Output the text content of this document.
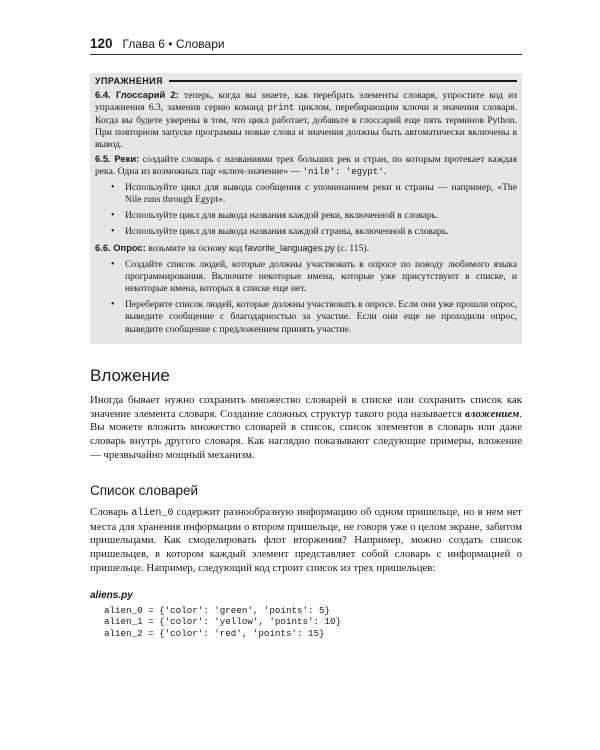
120 Глава 6 • Словари
УПРАЖНЕНИЯ

6.4. Глоссарий 2: теперь, когда вы знаете, как перебрать элементы словаря, упростите код из упражнения 6.3, заменив серию команд print циклом, перебирающим ключи и значения словаря. Когда вы будете уверены в том, что цикл работает, добавьте в глоссарий еще пять терминов Python. При повторном запуске программы новые слова и значения должны быть автоматически включены в вывод.

6.5. Реки: создайте словарь с названиями трех больших рек и стран, по которым протекает каждая река. Одна из возможных пар «ключ-значение» — 'nile': 'egypt'.

• Используйте цикл для вывода сообщения с упоминанием реки и страны — например, «The Nile runs through Egypt».
• Используйте цикл для вывода названия каждой реки, включенной в словарь.
• Используйте цикл для вывода названия каждой страны, включенной в словарь.

6.6. Опрос: возьмите за основу код favorite_languages.py (с. 115).

• Создайте список людей, которые должны участвовать в опросе по поводу любимого языка программирования. Включите некоторые имена, которые уже присутствуют в списке, и некоторые имена, которых в списке еще нет.
• Переберите список людей, которые должны участвовать в опросе. Если они уже прошли опрос, выведите сообщение с благодарностью за участие. Если они еще не проходили опрос, выведите сообщение с предложением принять участие.
Вложение

Иногда бывает нужно сохранить множество словарей в списке или сохранить список как значение элемента словаря. Создание сложных структур такого рода называется вложением. Вы можете вложить множество словарей в список, список элементов в словарь или даже словарь внутрь другого словаря. Как наглядно показывают следующие примеры, вложение — чрезвычайно мощный механизм.

Список словарей

Словарь alien_0 содержит разнообразную информацию об одном пришельце, но в нем нет места для хранения информации о втором пришельце, не говоря уже о целом экране, забитом пришельцами. Как смоделировать флот вторжения? Например, можно создать список пришельцев, в котором каждый элемент представляет собой словарь с информацией о пришельце. Например, следующий код строит список из трех пришельцев:

aliens.py
alien_0 = {'color': 'green', 'points': 5}
alien_1 = {'color': 'yellow', 'points': 10}
alien_2 = {'color': 'red', 'points': 15}
